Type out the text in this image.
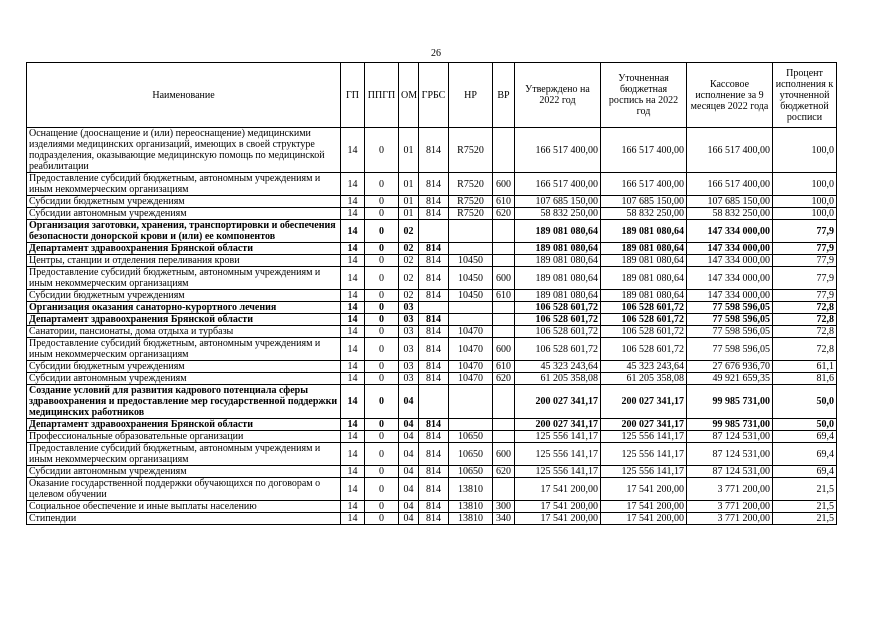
26
Наименование	ГП	ППГП	ОМ	ГРБС	НР	ВР	Утверждено на 2022 год	Уточненная бюджетная роспись на 2022 год	Кассовое исполнение за 9 месяцев 2022 года	Процент исполнения к уточненной бюджетной росписи
Оснащение (дооснащение и (или) переоснащение) медицинскими изделиями медицинских организаций, имеющих в своей структуре подразделения, оказывающие медицинскую помощь по медицинской реабилитации	14	0	01	814	R7520		166 517 400,00	166 517 400,00	166 517 400,00	100,0
Предоставление субсидий бюджетным, автономным учреждениям и иным некоммерческим организациям	14	0	01	814	R7520	600	166 517 400,00	166 517 400,00	166 517 400,00	100,0
Субсидии бюджетным учреждениям	14	0	01	814	R7520	610	107 685 150,00	107 685 150,00	107 685 150,00	100,0
Субсидии автономным учреждениям	14	0	01	814	R7520	620	58 832 250,00	58 832 250,00	58 832 250,00	100,0
Организация заготовки, хранения, транспортировки и обеспечения безопасности донорской крови и (или) ее компонентов	14	0	02				189 081 080,64	189 081 080,64	147 334 000,00	77,9
Департамент здравоохранения Брянской области	14	0	02	814			189 081 080,64	189 081 080,64	147 334 000,00	77,9
Центры, станции и отделения переливания крови	14	0	02	814	10450		189 081 080,64	189 081 080,64	147 334 000,00	77,9
Предоставление субсидий бюджетным, автономным учреждениям и иным некоммерческим организациям	14	0	02	814	10450	600	189 081 080,64	189 081 080,64	147 334 000,00	77,9
Субсидии бюджетным учреждениям	14	0	02	814	10450	610	189 081 080,64	189 081 080,64	147 334 000,00	77,9
Организация оказания санаторно-курортного лечения	14	0	03				106 528 601,72	106 528 601,72	77 598 596,05	72,8
Департамент здравоохранения Брянской области	14	0	03	814			106 528 601,72	106 528 601,72	77 598 596,05	72,8
Санатории, пансионаты, дома отдыха и турбазы	14	0	03	814	10470		106 528 601,72	106 528 601,72	77 598 596,05	72,8
Предоставление субсидий бюджетным, автономным учреждениям и иным некоммерческим организациям	14	0	03	814	10470	600	106 528 601,72	106 528 601,72	77 598 596,05	72,8
Субсидии бюджетным учреждениям	14	0	03	814	10470	610	45 323 243,64	45 323 243,64	27 676 936,70	61,1
Субсидии автономным учреждениям	14	0	03	814	10470	620	61 205 358,08	61 205 358,08	49 921 659,35	81,6
Создание условий для развития кадрового потенциала сферы здравоохранения и предоставление мер государственной поддержки медицинских работников	14	0	04				200 027 341,17	200 027 341,17	99 985 731,00	50,0
Департамент здравоохранения Брянской области	14	0	04	814			200 027 341,17	200 027 341,17	99 985 731,00	50,0
Профессиональные образовательные организации	14	0	04	814	10650		125 556 141,17	125 556 141,17	87 124 531,00	69,4
Предоставление субсидий бюджетным, автономным учреждениям и иным некоммерческим организациям	14	0	04	814	10650	600	125 556 141,17	125 556 141,17	87 124 531,00	69,4
Субсидии автономным учреждениям	14	0	04	814	10650	620	125 556 141,17	125 556 141,17	87 124 531,00	69,4
Оказание государственной поддержки обучающихся по договорам о целевом обучении	14	0	04	814	13810		17 541 200,00	17 541 200,00	3 771 200,00	21,5
Социальное обеспечение и иные выплаты населению	14	0	04	814	13810	300	17 541 200,00	17 541 200,00	3 771 200,00	21,5
Стипендии	14	0	04	814	13810	340	17 541 200,00	17 541 200,00	3 771 200,00	21,5
